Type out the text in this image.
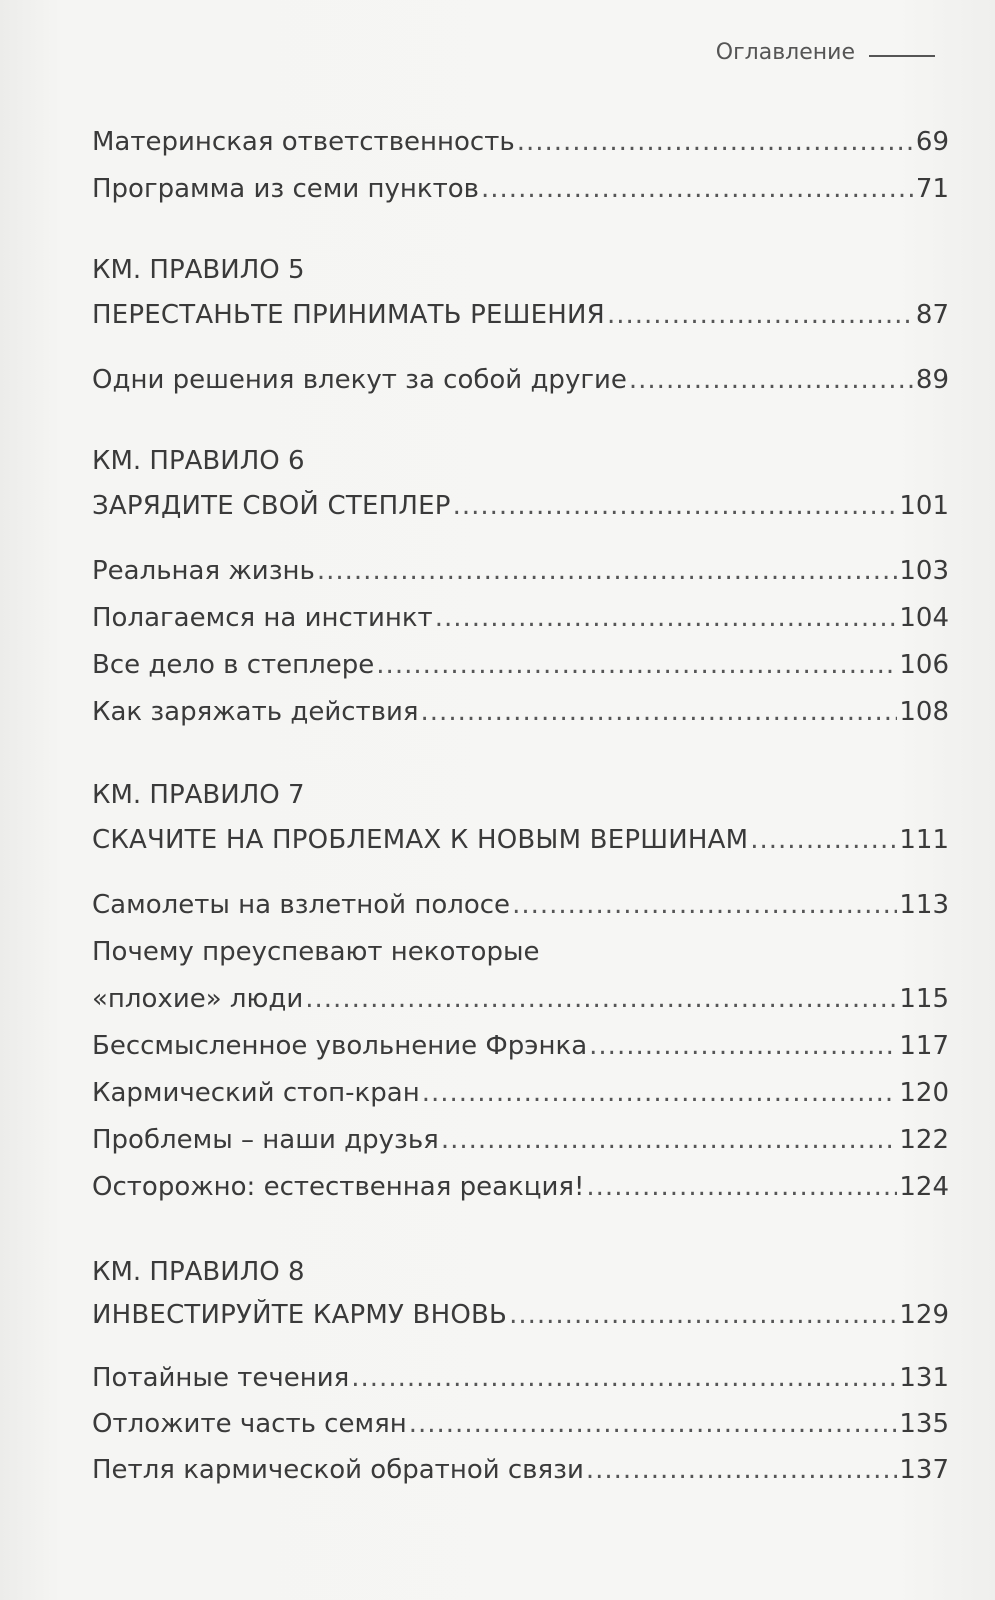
Оглавление
Материнская ответственность .....	69
Программа из семи пунктов .....	71
КМ. ПРАВИЛО 5
ПЕРЕСТАНЬТЕ ПРИНИМАТЬ РЕШЕНИЯ .....	87
Одни решения влекут за собой другие .....	89
КМ. ПРАВИЛО 6
ЗАРЯДИТЕ СВОЙ СТЕПЛЕР .....	101
Реальная жизнь .....	103
Полагаемся на инстинкт .....	104
Все дело в степлере .....	106
Как заряжать действия .....	108
КМ. ПРАВИЛО 7
СКАЧИТЕ НА ПРОБЛЕМАХ К НОВЫМ ВЕРШИНАМ .....	111
Самолеты на взлетной полосе .....	113
Почему преуспевают некоторые
«плохие» люди .....	115
Бессмысленное увольнение Фрэнка .....	117
Кармический стоп-кран .....	120
Проблемы – наши друзья .....	122
Осторожно: естественная реакция! .....	124
КМ. ПРАВИЛО 8
ИНВЕСТИРУЙТЕ КАРМУ ВНОВЬ .....	129
Потайные течения .....	131
Отложите часть семян .....	135
Петля кармической обратной связи .....	137
